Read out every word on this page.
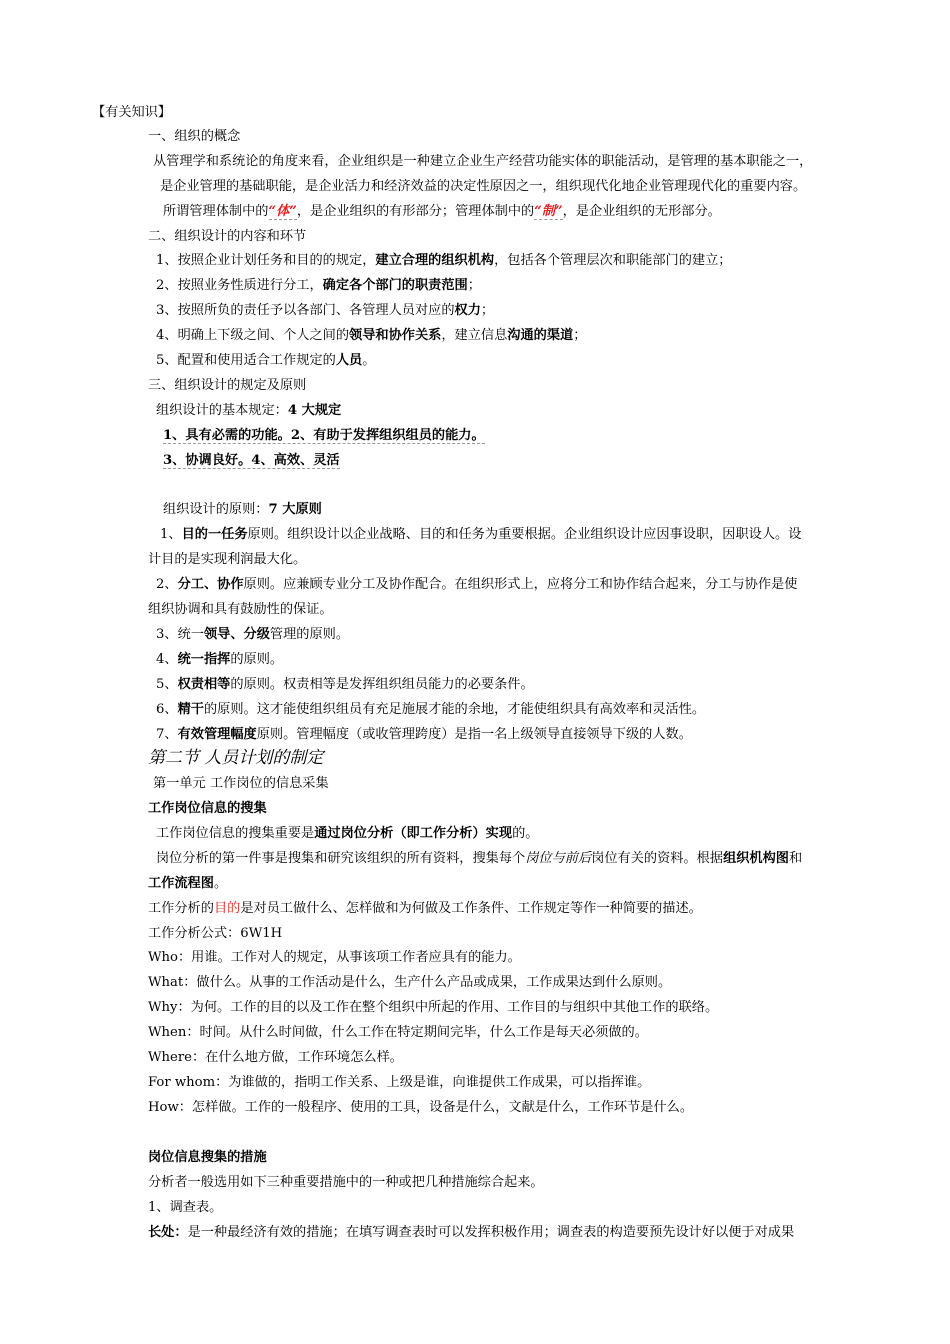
【有关知识】
一、组织的概念
从管理学和系统论的角度来看，企业组织是一种建立企业生产经营功能实体的职能活动，是管理的基本职能之一，
是企业管理的基础职能，是企业活力和经济效益的决定性原因之一，组织现代化地企业管理现代化的重要内容。
所谓管理体制中的“体”，是企业组织的有形部分；管理体制中的“制”，是企业组织的无形部分。
二、组织设计的内容和环节
1、按照企业计划任务和目的的规定，建立合理的组织机构，包括各个管理层次和职能部门的建立；
2、按照业务性质进行分工，确定各个部门的职责范围；
3、按照所负的责任予以各部门、各管理人员对应的权力；
4、明确上下级之间、个人之间的领导和协作关系，建立信息沟通的渠道；
5、配置和使用适合工作规定的人员。
三、组织设计的规定及原则
组织设计的基本规定：4 大规定
1、具有必需的功能。2、有助于发挥组织组员的能力。
3、协调良好。4、高效、灵活
组织设计的原则：7 大原则
1、目的一任务原则。组织设计以企业战略、目的和任务为重要根据。企业组织设计应因事设职，因职设人。设
计目的是实现利润最大化。
2、分工、协作原则。应兼顾专业分工及协作配合。在组织形式上，应将分工和协作结合起来，分工与协作是使
组织协调和具有鼓励性的保证。
3、统一领导、分级管理的原则。
4、统一指挥的原则。
5、权责相等的原则。权责相等是发挥组织组员能力的必要条件。
6、精干的原则。这才能使组织组员有充足施展才能的余地，才能使组织具有高效率和灵活性。
7、有效管理幅度原则。管理幅度（或收管理跨度）是指一名上级领导直接领导下级的人数。
第二节 人员计划的制定
第一单元 工作岗位的信息采集
工作岗位信息的搜集
工作岗位信息的搜集重要是通过岗位分析（即工作分析）实现的。
岗位分析的第一件事是搜集和研究该组织的所有资料，搜集每个岗位与前后岗位有关的资料。根据组织机构图和
工作流程图。
工作分析的目的是对员工做什么、怎样做和为何做及工作条件、工作规定等作一种简要的描述。
工作分析公式：6W1H
Who：用谁。工作对人的规定，从事该项工作者应具有的能力。
What：做什么。从事的工作活动是什么，生产什么产品或成果，工作成果达到什么原则。
Why：为何。工作的目的以及工作在整个组织中所起的作用、工作目的与组织中其他工作的联络。
When：时间。从什么时间做，什么工作在特定期间完毕，什么工作是每天必须做的。
Where：在什么地方做，工作环境怎么样。
For whom：为谁做的，指明工作关系、上级是谁，向谁提供工作成果，可以指挥谁。
How：怎样做。工作的一般程序、使用的工具，设备是什么，文献是什么，工作环节是什么。
岗位信息搜集的措施
分析者一般选用如下三种重要措施中的一种或把几种措施综合起来。
1、调查表。
长处：是一种最经济有效的措施；在填写调查表时可以发挥积极作用；调查表的构造要预先设计好以便于对成果
